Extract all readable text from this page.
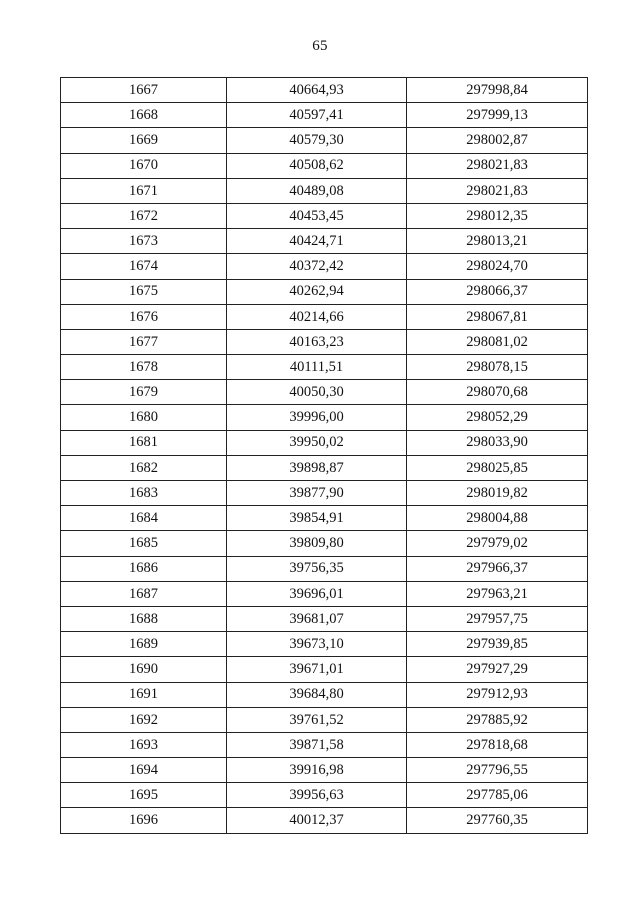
65
1667	40664,93	297998,84
1668	40597,41	297999,13
1669	40579,30	298002,87
1670	40508,62	298021,83
1671	40489,08	298021,83
1672	40453,45	298012,35
1673	40424,71	298013,21
1674	40372,42	298024,70
1675	40262,94	298066,37
1676	40214,66	298067,81
1677	40163,23	298081,02
1678	40111,51	298078,15
1679	40050,30	298070,68
1680	39996,00	298052,29
1681	39950,02	298033,90
1682	39898,87	298025,85
1683	39877,90	298019,82
1684	39854,91	298004,88
1685	39809,80	297979,02
1686	39756,35	297966,37
1687	39696,01	297963,21
1688	39681,07	297957,75
1689	39673,10	297939,85
1690	39671,01	297927,29
1691	39684,80	297912,93
1692	39761,52	297885,92
1693	39871,58	297818,68
1694	39916,98	297796,55
1695	39956,63	297785,06
1696	40012,37	297760,35
